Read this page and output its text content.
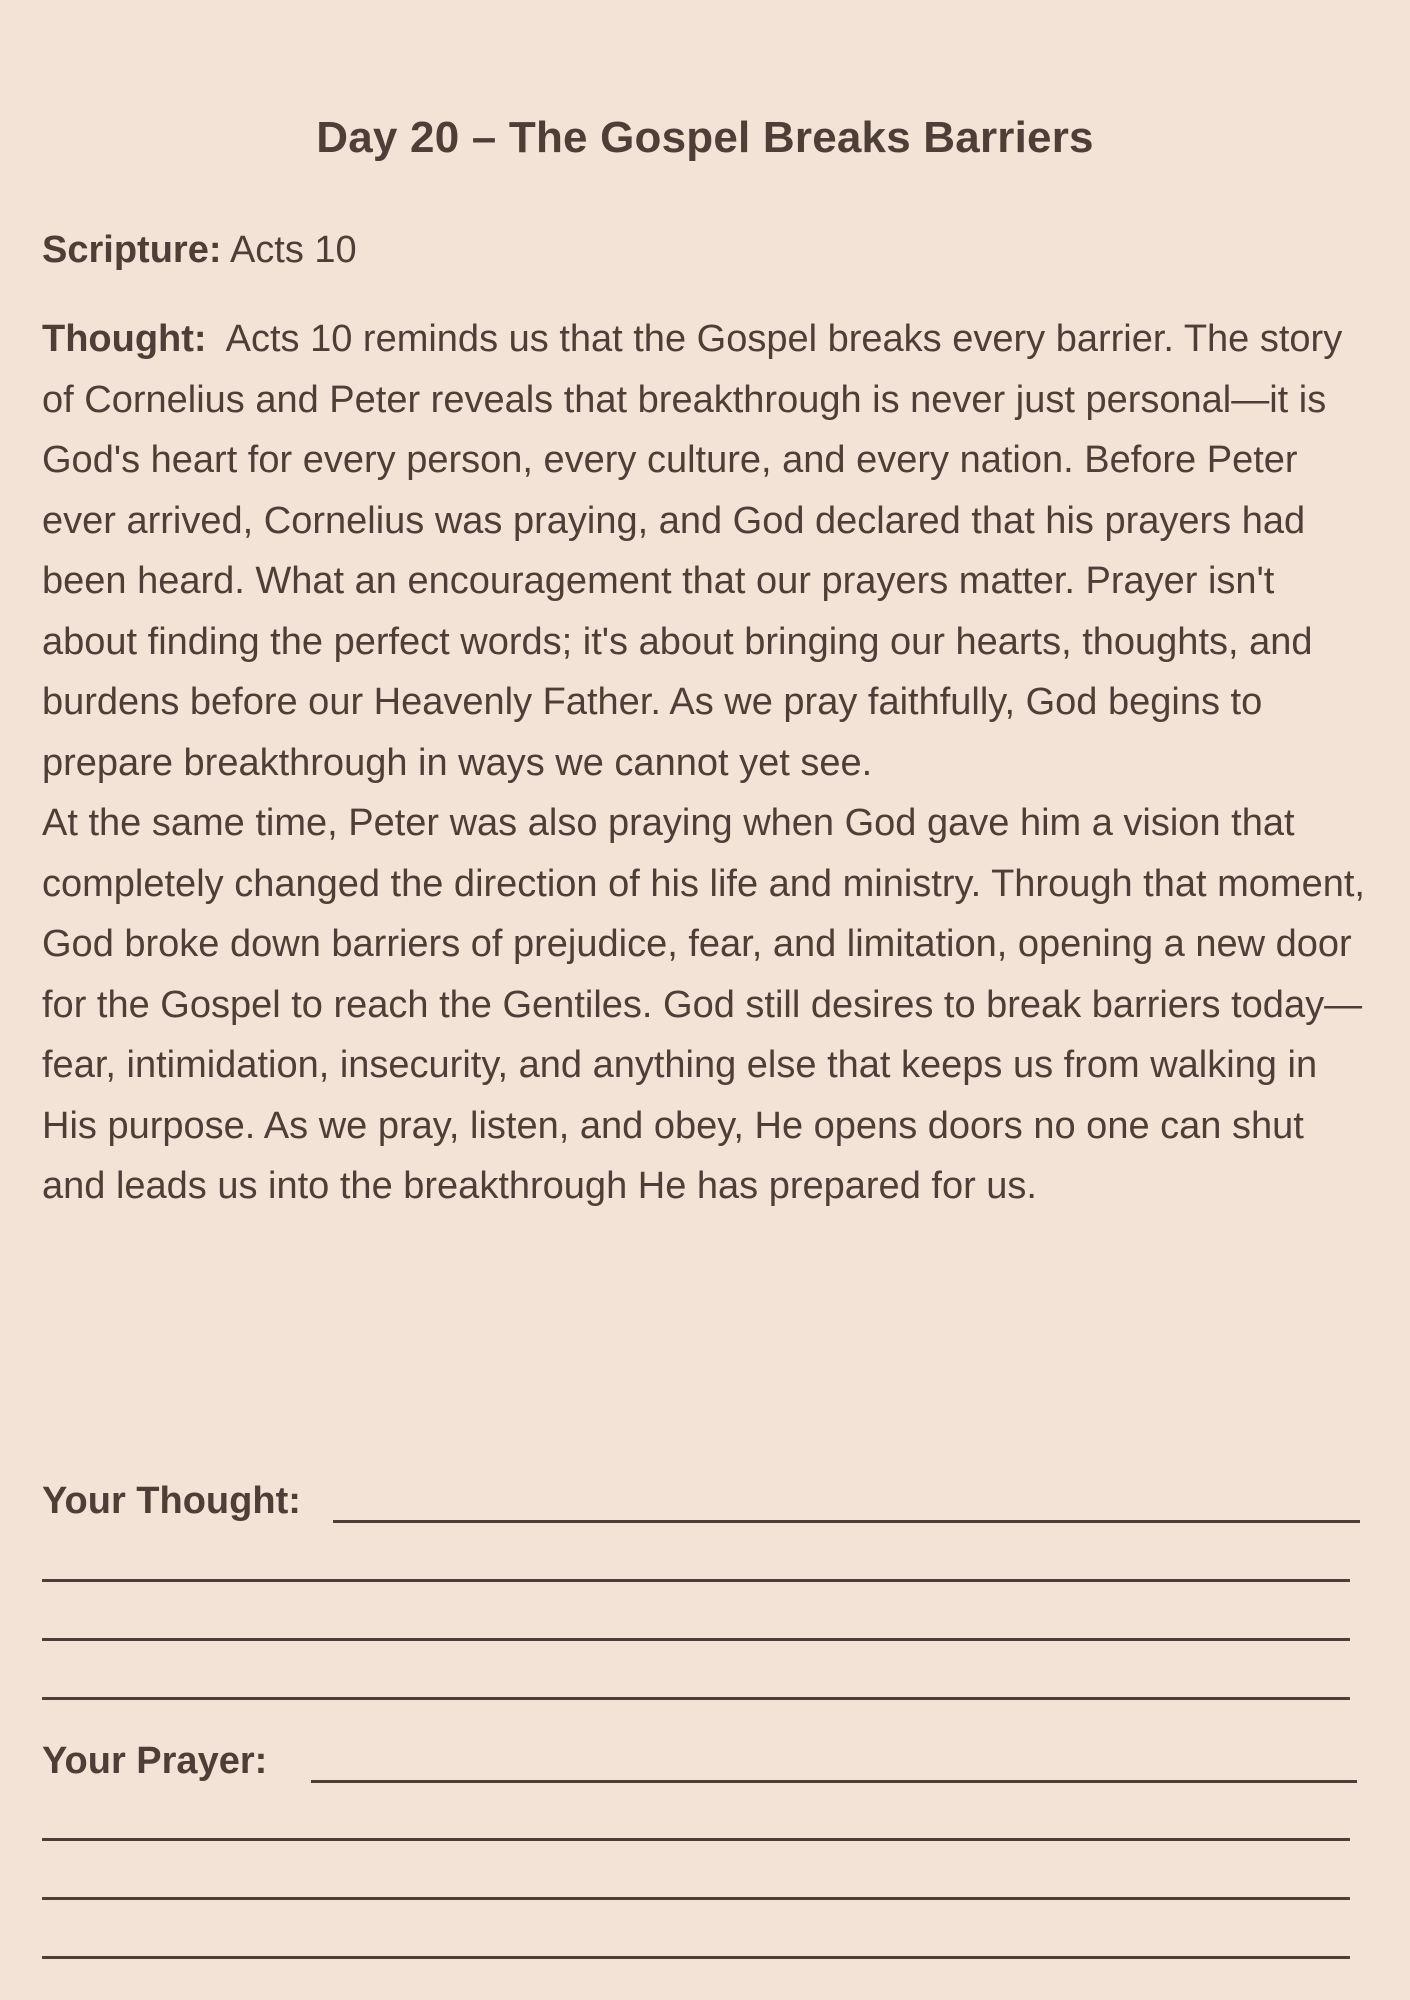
Day 20 – The Gospel Breaks Barriers
Scripture: Acts 10

Thought: Acts 10 reminds us that the Gospel breaks every barrier. The story of Cornelius and Peter reveals that breakthrough is never just personal—it is God's heart for every person, every culture, and every nation. Before Peter ever arrived, Cornelius was praying, and God declared that his prayers had been heard. What an encouragement that our prayers matter. Prayer isn't about finding the perfect words; it's about bringing our hearts, thoughts, and burdens before our Heavenly Father. As we pray faithfully, God begins to prepare breakthrough in ways we cannot yet see.

At the same time, Peter was also praying when God gave him a vision that completely changed the direction of his life and ministry. Through that moment, God broke down barriers of prejudice, fear, and limitation, opening a new door for the Gospel to reach the Gentiles. God still desires to break barriers today—fear, intimidation, insecurity, and anything else that keeps us from walking in His purpose. As we pray, listen, and obey, He opens doors no one can shut and leads us into the breakthrough He has prepared for us.

Your Thought:
Your Prayer:
